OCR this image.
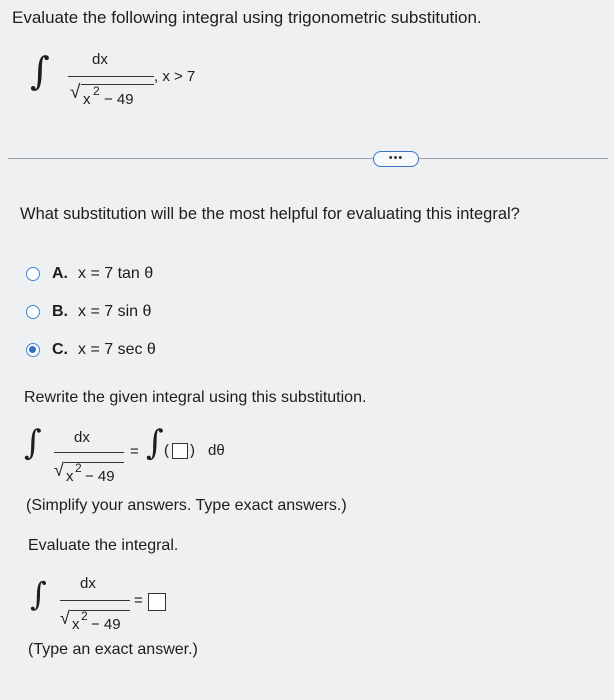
Evaluate the following integral using trigonometric substitution.
∫	dx
√ x 2 − 49
, x > 7
•••
What substitution will be the most helpful for evaluating this integral?
A. x = 7 tan θ
B. x = 7 sin θ
C. x = 7 sec θ
Rewrite the given integral using this substitution.
∫ dx
√ x 2 − 49
= ∫ ( ) dθ
(Simplify your answers. Type exact answers.)
Evaluate the integral.
∫ dx
√ x 2 − 49
=
(Type an exact answer.)
